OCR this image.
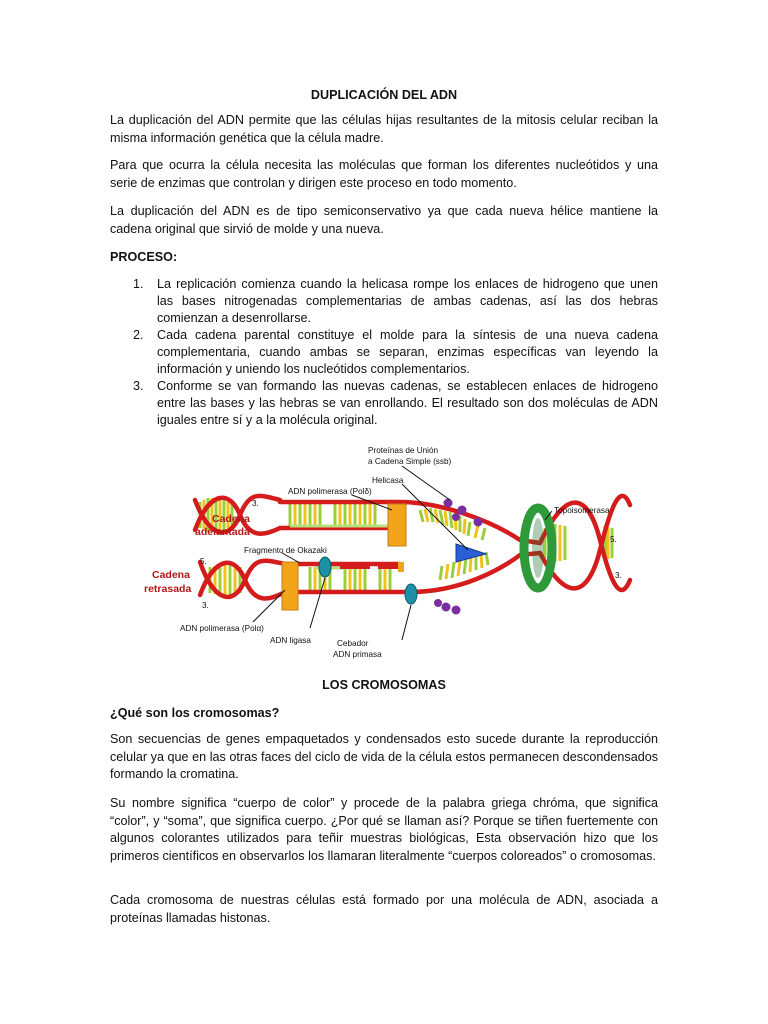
DUPLICACIÓN DEL ADN
La duplicación del ADN permite que las células hijas resultantes de la mitosis celular reciban la misma información genética que la célula madre.
Para que ocurra la célula necesita las moléculas que forman los diferentes nucleótidos y una serie de enzimas que controlan y dirigen este proceso en todo momento.
La duplicación del ADN es de tipo semiconservativo ya que cada nueva hélice mantiene la cadena original que sirvió de molde y una nueva.
PROCESO:
1. La replicación comienza cuando la helicasa rompe los enlaces de hidrogeno que unen las bases nitrogenadas complementarias de ambas cadenas, así las dos hebras comienzan a desenrollarse.
2. Cada cadena parental constituye el molde para la síntesis de una nueva cadena complementaria, cuando ambas se separan, enzimas específicas van leyendo la información y uniendo los nucleótidos complementarios.
3. Conforme se van formando las nuevas cadenas, se establecen enlaces de hidrogeno entre las bases y las hebras se van enrollando. El resultado son dos moléculas de ADN iguales entre sí y a la molécula original.
Proteínas de Unión
a Cadena Simple (ssb)
Helicasa
ADN polimerasa (Polδ)
Topoisomerasa
Cadena
adelantada
Fragmento de Okazaki
Cadena
retrasada
ADN polimerasa (Polα)
ADN ligasa	Cebador
ADN primasa
3.
5.
3.
5.
3.
LOS CROMOSOMAS
¿Qué son los cromosomas?
Son secuencias de genes empaquetados y condensados esto sucede durante la reproducción celular ya que en las otras faces del ciclo de vida de la célula estos permanecen descondensados formando la cromatina.
Su nombre significa “cuerpo de color” y procede de la palabra griega chróma, que significa “color”, y “soma”, que significa cuerpo. ¿Por qué se llaman así? Porque se tiñen fuertemente con algunos colorantes utilizados para teñir muestras biológicas, Esta observación hizo que los primeros científicos en observarlos los llamaran literalmente “cuerpos coloreados” o cromosomas.
Cada cromosoma de nuestras células está formado por una molécula de ADN, asociada a proteínas llamadas histonas.
